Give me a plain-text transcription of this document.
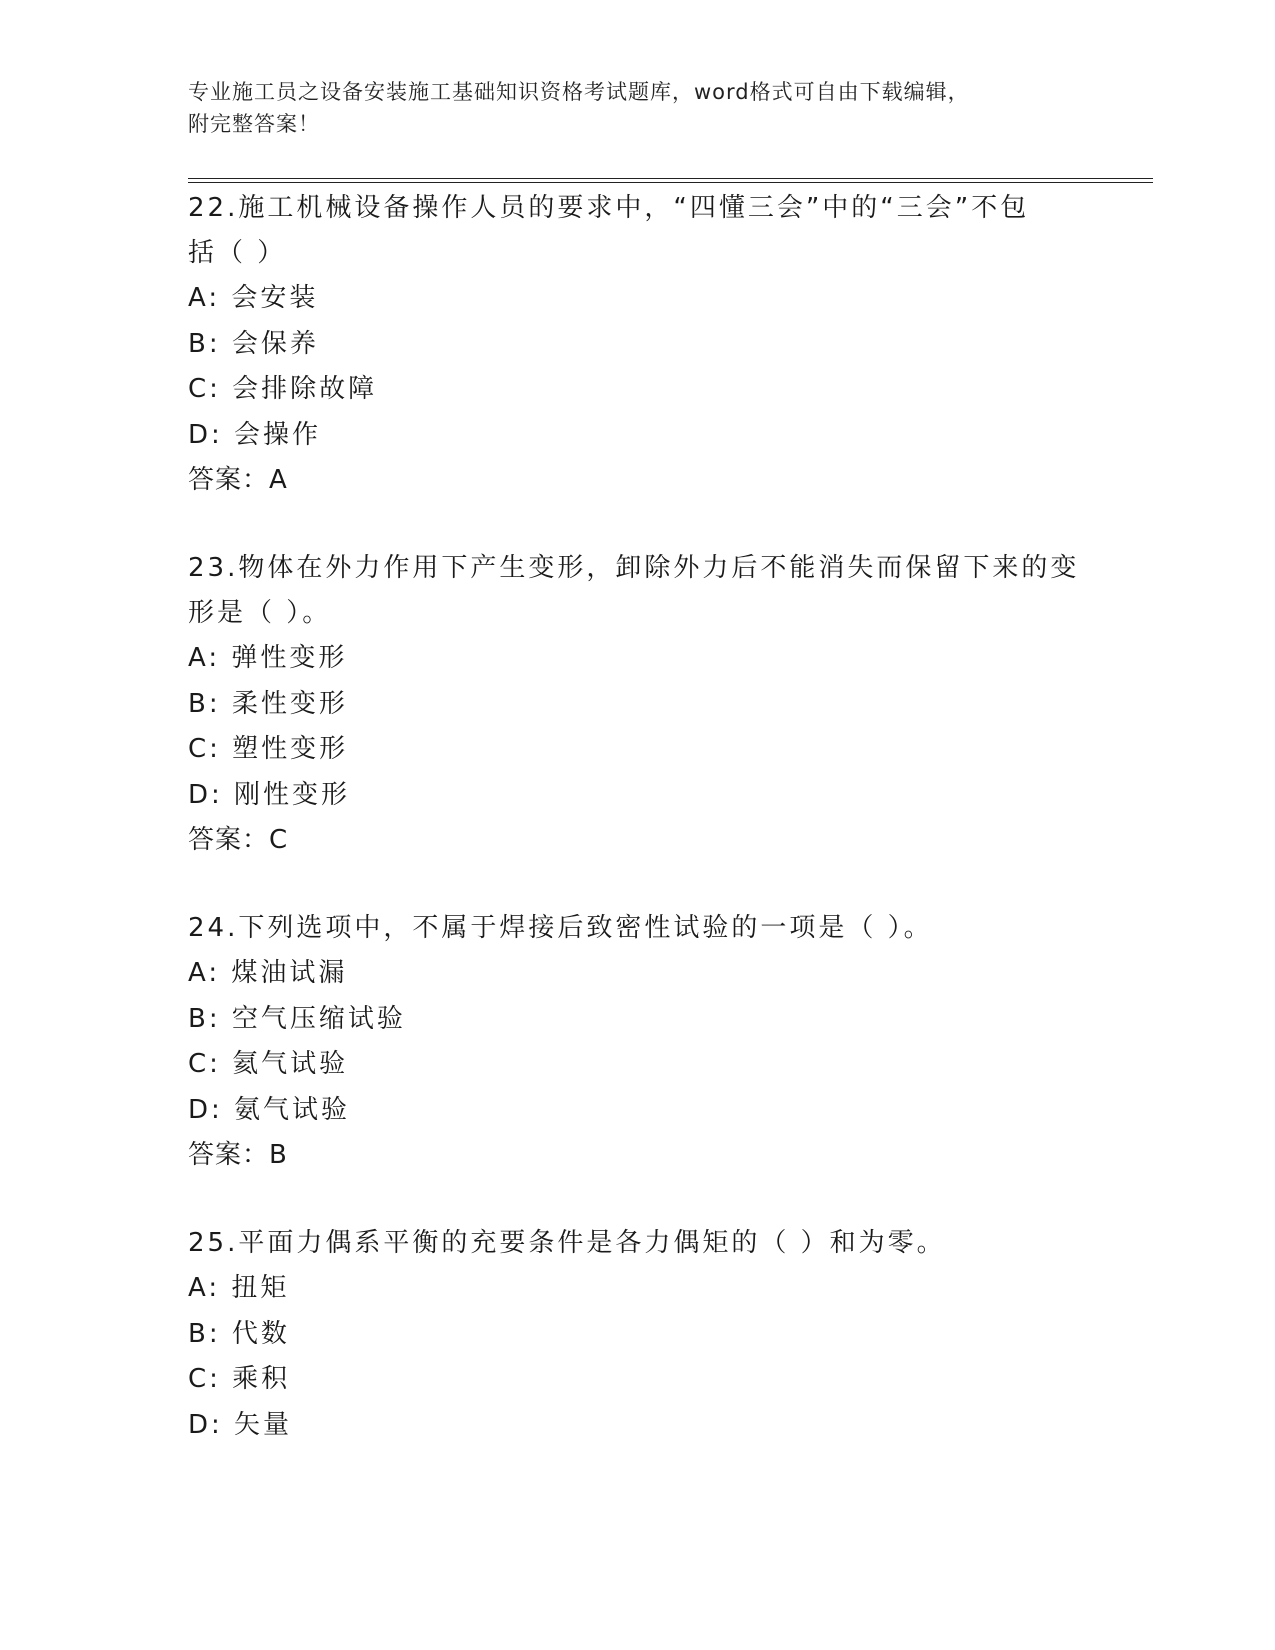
专业施工员之设备安装施工基础知识资格考试题库，word格式可自由下载编辑，
附完整答案！
22.施工机械设备操作人员的要求中，“四懂三会”中的“三会”不包
括（ ）
A: 会安装
B: 会保养
C: 会排除故障
D: 会操作
答案：A
23.物体在外力作用下产生变形，卸除外力后不能消失而保留下来的变
形是（ ）。
A: 弹性变形
B: 柔性变形
C: 塑性变形
D: 刚性变形
答案：C
24.下列选项中，不属于焊接后致密性试验的一项是（ ）。
A: 煤油试漏
B: 空气压缩试验
C: 氦气试验
D: 氨气试验
答案：B
25.平面力偶系平衡的充要条件是各力偶矩的（ ）和为零。
A: 扭矩
B: 代数
C: 乘积
D: 矢量
